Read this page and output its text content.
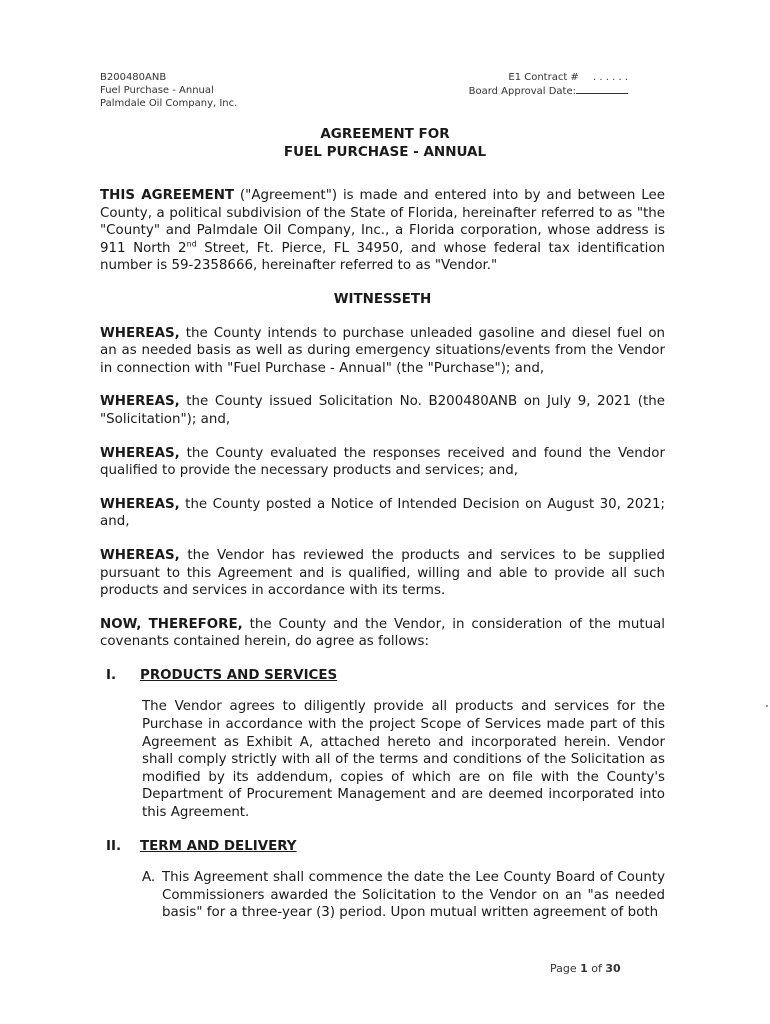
B200480ANB
Fuel Purchase - Annual
Palmdale Oil Company, Inc.
E1 Contract # . . . . . .
Board Approval Date:
AGREEMENT FOR
FUEL PURCHASE - ANNUAL

THIS AGREEMENT ("Agreement") is made and entered into by and between Lee County, a political subdivision of the State of Florida, hereinafter referred to as "the "County" and Palmdale Oil Company, Inc., a Florida corporation, whose address is 911 North 2nd Street, Ft. Pierce, FL 34950, and whose federal tax identification number is 59-2358666, hereinafter referred to as "Vendor."

WITNESSETH

WHEREAS, the County intends to purchase unleaded gasoline and diesel fuel on an as needed basis as well as during emergency situations/events from the Vendor in connection with "Fuel Purchase - Annual" (the "Purchase"); and,

WHEREAS, the County issued Solicitation No. B200480ANB on July 9, 2021 (the "Solicitation"); and,

WHEREAS, the County evaluated the responses received and found the Vendor qualified to provide the necessary products and services; and,

WHEREAS, the County posted a Notice of Intended Decision on August 30, 2021; and,

WHEREAS, the Vendor has reviewed the products and services to be supplied pursuant to this Agreement and is qualified, willing and able to provide all such products and services in accordance with its terms.

NOW, THEREFORE, the County and the Vendor, in consideration of the mutual covenants contained herein, do agree as follows:

I.	PRODUCTS AND SERVICES

The Vendor agrees to diligently provide all products and services for the Purchase in accordance with the project Scope of Services made part of this Agreement as Exhibit A, attached hereto and incorporated herein. Vendor shall comply strictly with all of the terms and conditions of the Solicitation as modified by its addendum, copies of which are on file with the County's Department of Procurement Management and are deemed incorporated into this Agreement.

II.	TERM AND DELIVERY
A. This Agreement shall commence the date the Lee County Board of County Commissioners awarded the Solicitation to the Vendor on an "as needed basis" for a three-year (3) period. Upon mutual written agreement of both

Page 1 of 30
